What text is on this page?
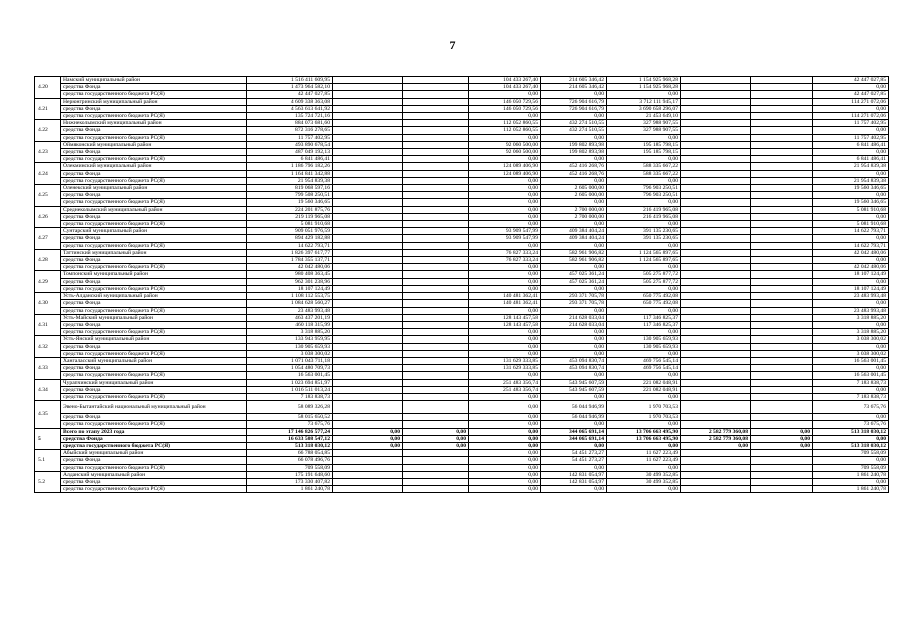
7
4.20	Намский муниципальный район	1 516 411 609,95			104 433 267,40	214 605 346,42	1 154 925 968,28			42 447 027,85
	средства Фонда	1 473 964 582,10			104 433 267,40	214 605 346,42	1 154 925 968,28			0,00
	средства государственного бюджета РС(Я)	42 447 027,85			0,00	0,00	0,00			42 447 027,85
4.21	Нерюнгринский муниципальный район	4 609 338 363,08			146 050 729,56	726 904 616,79	3 712 111 945,17			114 271 072,06
	средства Фонда	4 563 613 641,92			146 050 729,56	726 904 616,79	3 690 658 296,07			0,00
	средства государственного бюджета РС(Я)	135 724 721,16			0,00	0,00	21 453 649,10			114 271 072,06
4.22	Нижнеколымский муниципальный район	884 073 681,60			112 052 860,55	432 274 510,55	327 988 907,55			11 757 402,95
	средства Фонда	872 316 278,65			112 052 860,55	432 274 510,55	327 988 907,55			0,00
	средства государственного бюджета РС(Я)	11 757 402,95			0,00	0,00	0,00			11 757 402,95
4.23	Оймяконский муниципальный район	493 890 678,54			92 060 500,00	199 802 893,98	195 185 798,15			6 841 486,41
	средства Фонда	487 049 192,13			92 060 500,00	199 802 893,98	195 185 798,15			0,00
	средства государственного бюджета РС(Я)	6 841 486,41			0,00	0,00	0,00			6 841 486,41
4.24	Олекминский муниципальный район	1 186 796 182,26			124 089 406,90	452 416 268,76	588 335 667,22			21 954 839,38
	средства Фонда	1 164 841 342,88			124 089 406,90	452 416 268,76	588 335 667,22			0,00
	средства государственного бюджета РС(Я)	21 954 839,38			0,00	0,00	0,00			21 954 839,38
4.25	Оленекский муниципальный район	819 068 597,16			0,00	2 605 000,00	796 903 250,51			19 560 346,65
	средства Фонда	799 508 250,51			0,00	2 605 000,00	796 903 250,51			0,00
	средства государственного бюджета РС(Я)	19 560 346,65			0,00	0,00	0,00			19 560 346,65
4.26	Среднеколымский муниципальный район	224 201 875,76			0,00	2 700 000,00	216 419 965,08			5 081 910,68
	средства Фонда	219 119 965,08			0,00	2 700 000,00	216 419 965,08			0,00
	средства государственного бюджета РС(Я)	5 081 910,68			0,00	0,00	0,00			5 081 910,68
4.27	Сунтарский муниципальный район	909 051 976,59			93 909 547,99	409 384 404,24	391 135 230,65			14 622 793,71
	средства Фонда	894 429 182,88			93 909 547,99	409 384 404,24	391 135 230,65			0,00
	средства государственного бюджета РС(Я)	14 622 793,71			0,00	0,00	0,00			14 622 793,71
4.28	Таттинский муниципальный район	1 826 397 617,77			76 827 333,24	582 961 906,82	1 124 565 897,65			42 042 480,06
	средства Фонда	1 784 355 137,71			76 827 333,24	582 961 906,82	1 124 565 897,65			0,00
	средства государственного бюджета РС(Я)	42 042 480,06			0,00	0,00	0,00			42 042 480,06
4.29	Томпонский муниципальный район	980 408 363,45			0,00	457 025 361,24	505 275 877,72			18 107 124,49
	средства Фонда	962 301 238,96			0,00	457 025 361,24	505 275 877,72			0,00
	средства государственного бюджета РС(Я)	18 107 124,49			0,00	0,00	0,00			18 107 124,49
4.30	Усть-Алданский муниципальный район	1 108 112 553,75			140 481 362,41	293 371 705,78	650 775 492,08			23 483 993,48
	средства Фонда	1 084 628 560,27			140 481 362,41	293 371 705,78	650 775 492,08			0,00
	средства государственного бюджета РС(Я)	23 483 993,48			0,00	0,00	0,00			23 483 993,48
4.31	Усть-Майский муниципальный район	463 437 201,19			128 143 457,58	214 628 033,04	117 346 825,37			3 318 885,20
	средства Фонда	460 118 315,99			128 143 457,58	214 628 033,04	117 346 825,37			0,00
	средства государственного бюджета РС(Я)	3 318 885,20			0,00	0,00	0,00			3 318 885,20
4.32	Усть-Янский муниципальный район	133 943 959,95			0,00	0,00	130 905 659,93			3 038 300,02
	средства Фонда	130 905 659,93			0,00	0,00	130 905 659,93			0,00
	средства государственного бюджета РС(Я)	3 038 300,02			0,00	0,00	0,00			3 038 300,02
4.33	Хангаласский муниципальный район	1 071 043 711,18			131 629 333,85	453 094 830,74	469 756 545,14			16 563 001,45
	средства Фонда	1 054 480 709,73			131 629 333,85	453 094 830,74	469 756 545,14			0,00
	средства государственного бюджета РС(Я)	16 563 001,45			0,00	0,00	0,00			16 563 001,45
4.34	Чурапчинский муниципальный район	1 023 694 851,97			251 483 356,74	543 945 607,59	221 082 048,91			7 183 838,73
	средства Фонда	1 016 511 013,24			251 483 356,74	543 945 607,59	221 082 048,91			0,00
	средства государственного бюджета РС(Я)	7 183 838,73			0,00	0,00	0,00			7 183 838,73
4.35	Эвено-Бытантайский национальный муниципальный район	58 089 326,28			0,00	56 044 946,99	1 970 703,53			73 675,76
	средства Фонда	58 015 650,52			0,00	56 044 946,99	1 970 703,53			0,00
	средства государственного бюджета РС(Я)	73 675,76			0,00	0,00	0,00			73 675,76
5	Всего по этапу 2023 года	17 146 826 577,24	0,00	0,00	0,00	344 065 691,14	13 706 663 495,90	2 582 779 360,08	0,00	513 318 030,12
	средства Фонда	16 633 508 547,12	0,00	0,00	0,00	344 065 691,14	13 706 663 495,90	2 582 779 360,08	0,00	0,00
	средства государственного бюджета РС(Я)	513 318 030,12	0,00	0,00	0,00	0,00	0,00	0,00	0,00	513 318 030,12
5.1	Абыйский муниципальный район	66 788 054,85			0,00	54 451 273,27	11 627 223,49			709 558,09
	средства Фонда	66 078 496,76			0,00	54 451 273,27	11 627 223,49			0,00
	средства государственного бюджета РС(Я)	709 558,09			0,00	0,00	0,00			709 558,09
5.2	Алданский муниципальный район	175 191 648,60			0,00	142 831 054,97	30 499 352,85			1 861 240,78
	средства Фонда	173 330 407,82			0,00	142 831 054,97	30 499 352,85			0,00
	средства государственного бюджета РС(Я)	1 861 240,78			0,00	0,00	0,00			1 861 240,78
